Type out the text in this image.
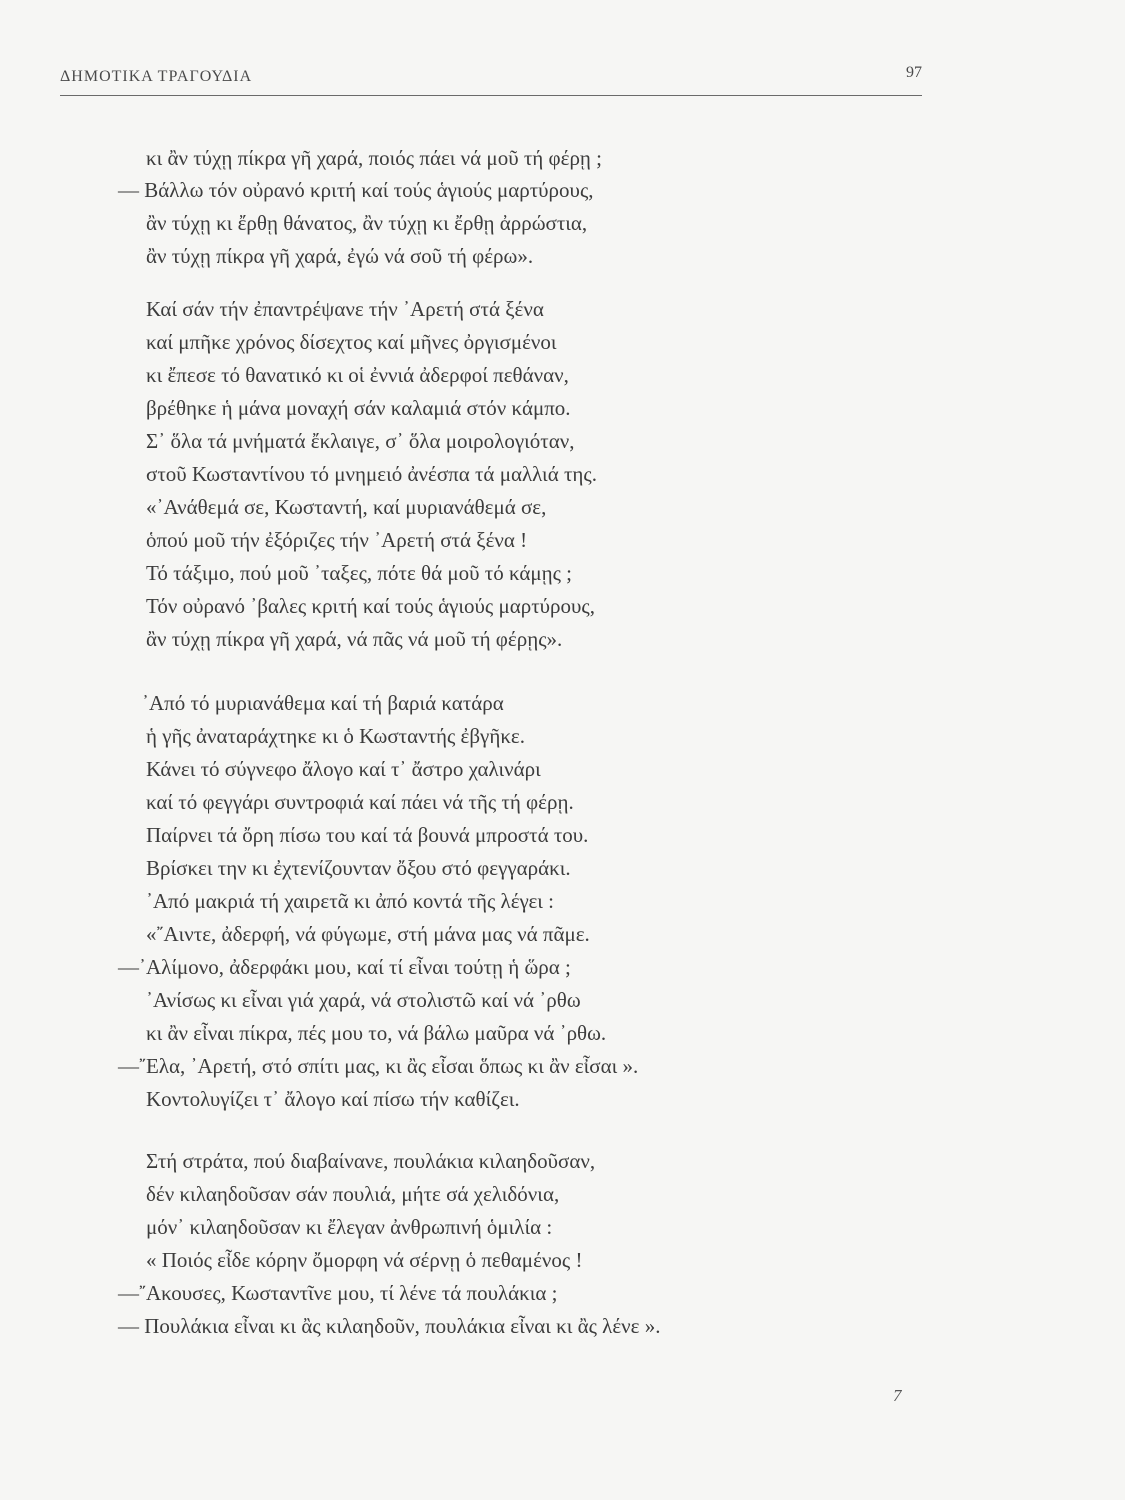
ΔΗΜΟΤΙΚΑ ΤΡΑΓΟΥΔΙΑ	97
κι ἂν τύχῃ πίκρα γῆ χαρά, ποιός πάει νά μοῦ τή φέρῃ ;
— Βάλλω τόν οὐρανό κριτή καί τούς ἁγιούς μαρτύρους,
ἂν τύχῃ κι ἔρθῃ θάνατος, ἂν τύχῃ κι ἔρθῃ ἀρρώστια,
ἂν τύχῃ πίκρα γῆ χαρά, ἐγώ νά σοῦ τή φέρω».
Καί σάν τήν ἐπαντρέψανε τήν ᾿Αρετή στά ξένα
καί μπῆκε χρόνος δίσεχτος καί μῆνες ὀργισμένοι
κι ἔπεσε τό θανατικό κι οἱ ἐννιά ἀδερφοί πεθάναν,
βρέθηκε ἡ μάνα μοναχή σάν καλαμιά στόν κάμπο.
Σ᾿ ὅλα τά μνήματά ἔκλαιγε, σ᾿ ὅλα μοιρολογιόταν,
στοῦ Κωσταντίνου τό μνημειό ἀνέσπα τά μαλλιά της.
«᾿Ανάθεμά σε, Κωσταντή, καί μυριανάθεμά σε,
ὁπού μοῦ τήν ἐξόριζες τήν ᾿Αρετή στά ξένα !
Τό τάξιμο, πού μοῦ ᾿ταξες, πότε θά μοῦ τό κάμῃς ;
Τόν οὐρανό ᾿βαλες κριτή καί τούς ἁγιούς μαρτύρους,
ἂν τύχῃ πίκρα γῆ χαρά, νά πᾶς νά μοῦ τή φέρῃς».
᾿Από τό μυριανάθεμα καί τή βαριά κατάρα
ἡ γῆς ἀναταράχτηκε κι ὁ Κωσταντής ἐβγῆκε.
Κάνει τό σύγνεφο ἄλογο καί τ᾿ ἄστρο χαλινάρι
καί τό φεγγάρι συντροφιά καί πάει νά τῆς τή φέρῃ.
Παίρνει τά ὄρη πίσω του καί τά βουνά μπροστά του.
Βρίσκει την κι ἐχτενίζουνταν ὄξου στό φεγγαράκι.
᾿Από μακριά τή χαιρετᾶ κι ἀπό κοντά τῆς λέγει :
«῎Αιντε, ἀδερφή, νά φύγωμε, στή μάνα μας νά πᾶμε.
—᾿Αλίμονο, ἀδερφάκι μου, καί τί εἶναι τούτῃ ἡ ὥρα ;
᾿Ανίσως κι εἶναι γιά χαρά, νά στολιστῶ καί νά ᾿ρθω
κι ἂν εἶναι πίκρα, πές μου το, νά βάλω μαῦρα νά ᾿ρθω.
—῎Ελα, ᾿Αρετή, στό σπίτι μας, κι ἂς εἶσαι ὅπως κι ἂν εἶσαι ».
Κοντολυγίζει τ᾿ ἄλογο καί πίσω τήν καθίζει.
Στή στράτα, πού διαβαίνανε, πουλάκια κιλαηδοῦσαν,
δέν κιλαηδοῦσαν σάν πουλιά, μήτε σά χελιδόνια,
μόν᾿ κιλαηδοῦσαν κι ἔλεγαν ἀνθρωπινή ὁμιλία :
« Ποιός εἶδε κόρην ὄμορφη νά σέρνῃ ὁ πεθαμένος !
—῎Ακουσες, Κωσταντῖνε μου, τί λένε τά πουλάκια ;
— Πουλάκια εἶναι κι ἂς κιλαηδοῦν, πουλάκια εἶναι κι ἂς λένε ».
7
